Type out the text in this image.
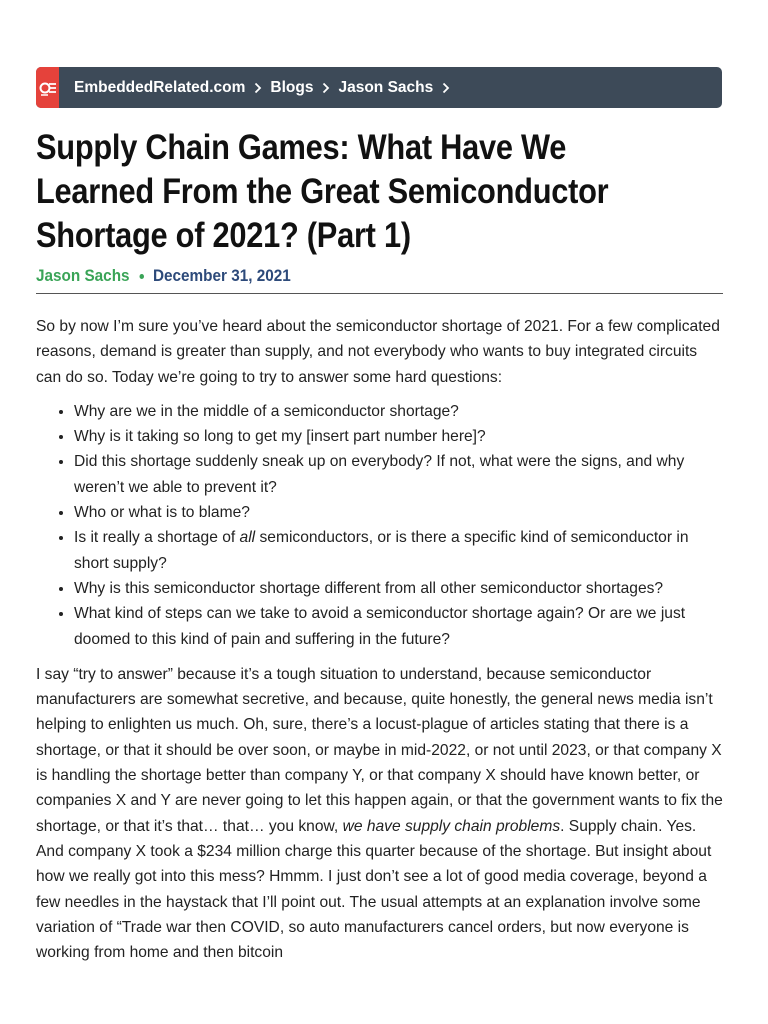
EmbeddedRelated.com Blogs Jason Sachs
Supply Chain Games: What Have We Learned From the Great Semiconductor Shortage of 2021? (Part 1)
Jason Sachs December 31, 2021

So by now I’m sure you’ve heard about the semiconductor shortage of 2021. For a few complicated reasons, demand is greater than supply, and not everybody who wants to buy integrated circuits can do so. Today we’re going to try to answer some hard questions:

• Why are we in the middle of a semiconductor shortage?
• Why is it taking so long to get my [insert part number here]?
• Did this shortage suddenly sneak up on everybody? If not, what were the signs, and why weren’t we able to prevent it?
• Who or what is to blame?
• Is it really a shortage of all semiconductors, or is there a specific kind of semiconductor in short supply?
• Why is this semiconductor shortage different from all other semiconductor shortages?
• What kind of steps can we take to avoid a semiconductor shortage again? Or are we just doomed to this kind of pain and suffering in the future?

I say “try to answer” because it’s a tough situation to understand, because semiconductor manufacturers are somewhat secretive, and because, quite honestly, the general news media isn’t helping to enlighten us much. Oh, sure, there’s a locust-plague of articles stating that there is a shortage, or that it should be over soon, or maybe in mid-2022, or not until 2023, or that company X is handling the shortage better than company Y, or that company X should have known better, or companies X and Y are never going to let this happen again, or that the government wants to fix the shortage, or that it’s that… that… you know, we have supply chain problems. Supply chain. Yes. And company X took a $234 million charge this quarter because of the shortage. But insight about how we really got into this mess? Hmmm. I just don’t see a lot of good media coverage, beyond a few needles in the haystack that I’ll point out. The usual attempts at an explanation involve some variation of “Trade war then COVID, so auto manufacturers cancel orders, but now everyone is working from home and then bitcoin
